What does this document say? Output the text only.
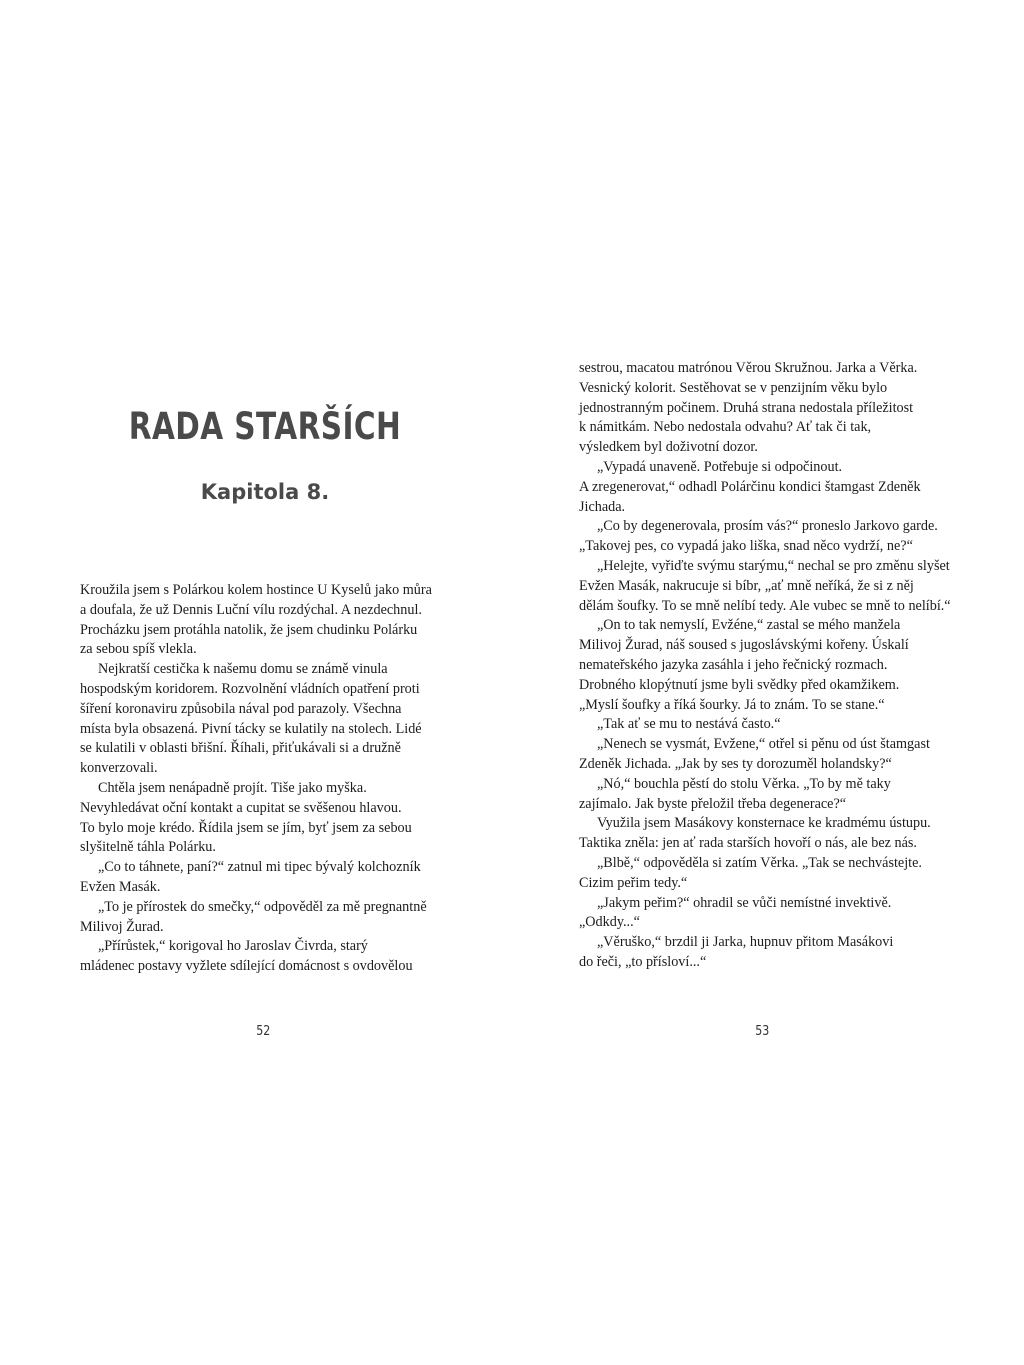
RADA STARŠÍCH
Kapitola 8.
Kroužila jsem s Polárkou kolem hostince U Kyselů jako můra
a doufala, že už Dennis Luční vílu rozdýchal. A nezdechnul.
Procházku jsem protáhla natolik, že jsem chudinku Polárku
za sebou spíš vlekla.
Nejkratší cestička k našemu domu se známě vinula
hospodským koridorem. Rozvolnění vládních opatření proti
šíření koronaviru způsobila nával pod parazoly. Všechna
místa byla obsazená. Pivní tácky se kulatily na stolech. Lidé
se kulatili v oblasti břišní. Říhali, přiťukávali si a družně
konverzovali.
Chtěla jsem nenápadně projít. Tiše jako myška.
Nevyhledávat oční kontakt a cupitat se svěšenou hlavou.
To bylo moje krédo. Řídila jsem se jím, byť jsem za sebou
slyšitelně táhla Polárku.
„Co to táhnete, paní?“ zatnul mi tipec bývalý kolchozník
Evžen Masák.
„To je přírostek do smečky,“ odpověděl za mě pregnantně
Milivoj Žurad.
„Přírůstek,“ korigoval ho Jaroslav Čivrda, starý
mládenec postavy vyžlete sdílející domácnost s ovdovělou

52

sestrou, macatou matrónou Věrou Skružnou. Jarka a Věrka.
Vesnický kolorit. Sestěhovat se v penzijním věku bylo
jednostranným počinem. Druhá strana nedostala příležitost
k námitkám. Nebo nedostala odvahu? Ať tak či tak,
výsledkem byl doživotní dozor.
„Vypadá unaveně. Potřebuje si odpočinout.
A zregenerovat,“ odhadl Polárčinu kondici štamgast Zdeněk
Jichada.
„Co by degenerovala, prosím vás?“ proneslo Jarkovo garde.
„Takovej pes, co vypadá jako liška, snad něco vydrží, ne?“
„Helejte, vyřiďte svýmu starýmu,“ nechal se pro změnu slyšet
Evžen Masák, nakrucuje si bíbr, „ať mně neříká, že si z něj
dělám šoufky. To se mně nelíbí tedy. Ale vubec se mně to nelíbí.“
„On to tak nemyslí, Evžéne,“ zastal se mého manžela
Milivoj Žurad, náš soused s jugoslávskými kořeny. Úskalí
nemateřského jazyka zasáhla i jeho řečnický rozmach.
Drobného klopýtnutí jsme byli svědky před okamžikem.
„Myslí šoufky a říká šourky. Já to znám. To se stane.“
„Tak ať se mu to nestává často.“
„Nenech se vysmát, Evžene,“ otřel si pěnu od úst štamgast
Zdeněk Jichada. „Jak by ses ty dorozuměl holandsky?“
„Nó,“ bouchla pěstí do stolu Věrka. „To by mě taky
zajímalo. Jak byste přeložil třeba degenerace?“
Využila jsem Masákovy konsternace ke kradmému ústupu.
Taktika zněla: jen ať rada starších hovoří o nás, ale bez nás.
„Blbě,“ odpověděla si zatím Věrka. „Tak se nechvástejte.
Cizim peřim tedy.“
„Jakym peřim?“ ohradil se vůči nemístné invektivě.
„Odkdy...“
„Věruško,“ brzdil ji Jarka, hupnuv přitom Masákovi
do řeči, „to přísloví...“

53
